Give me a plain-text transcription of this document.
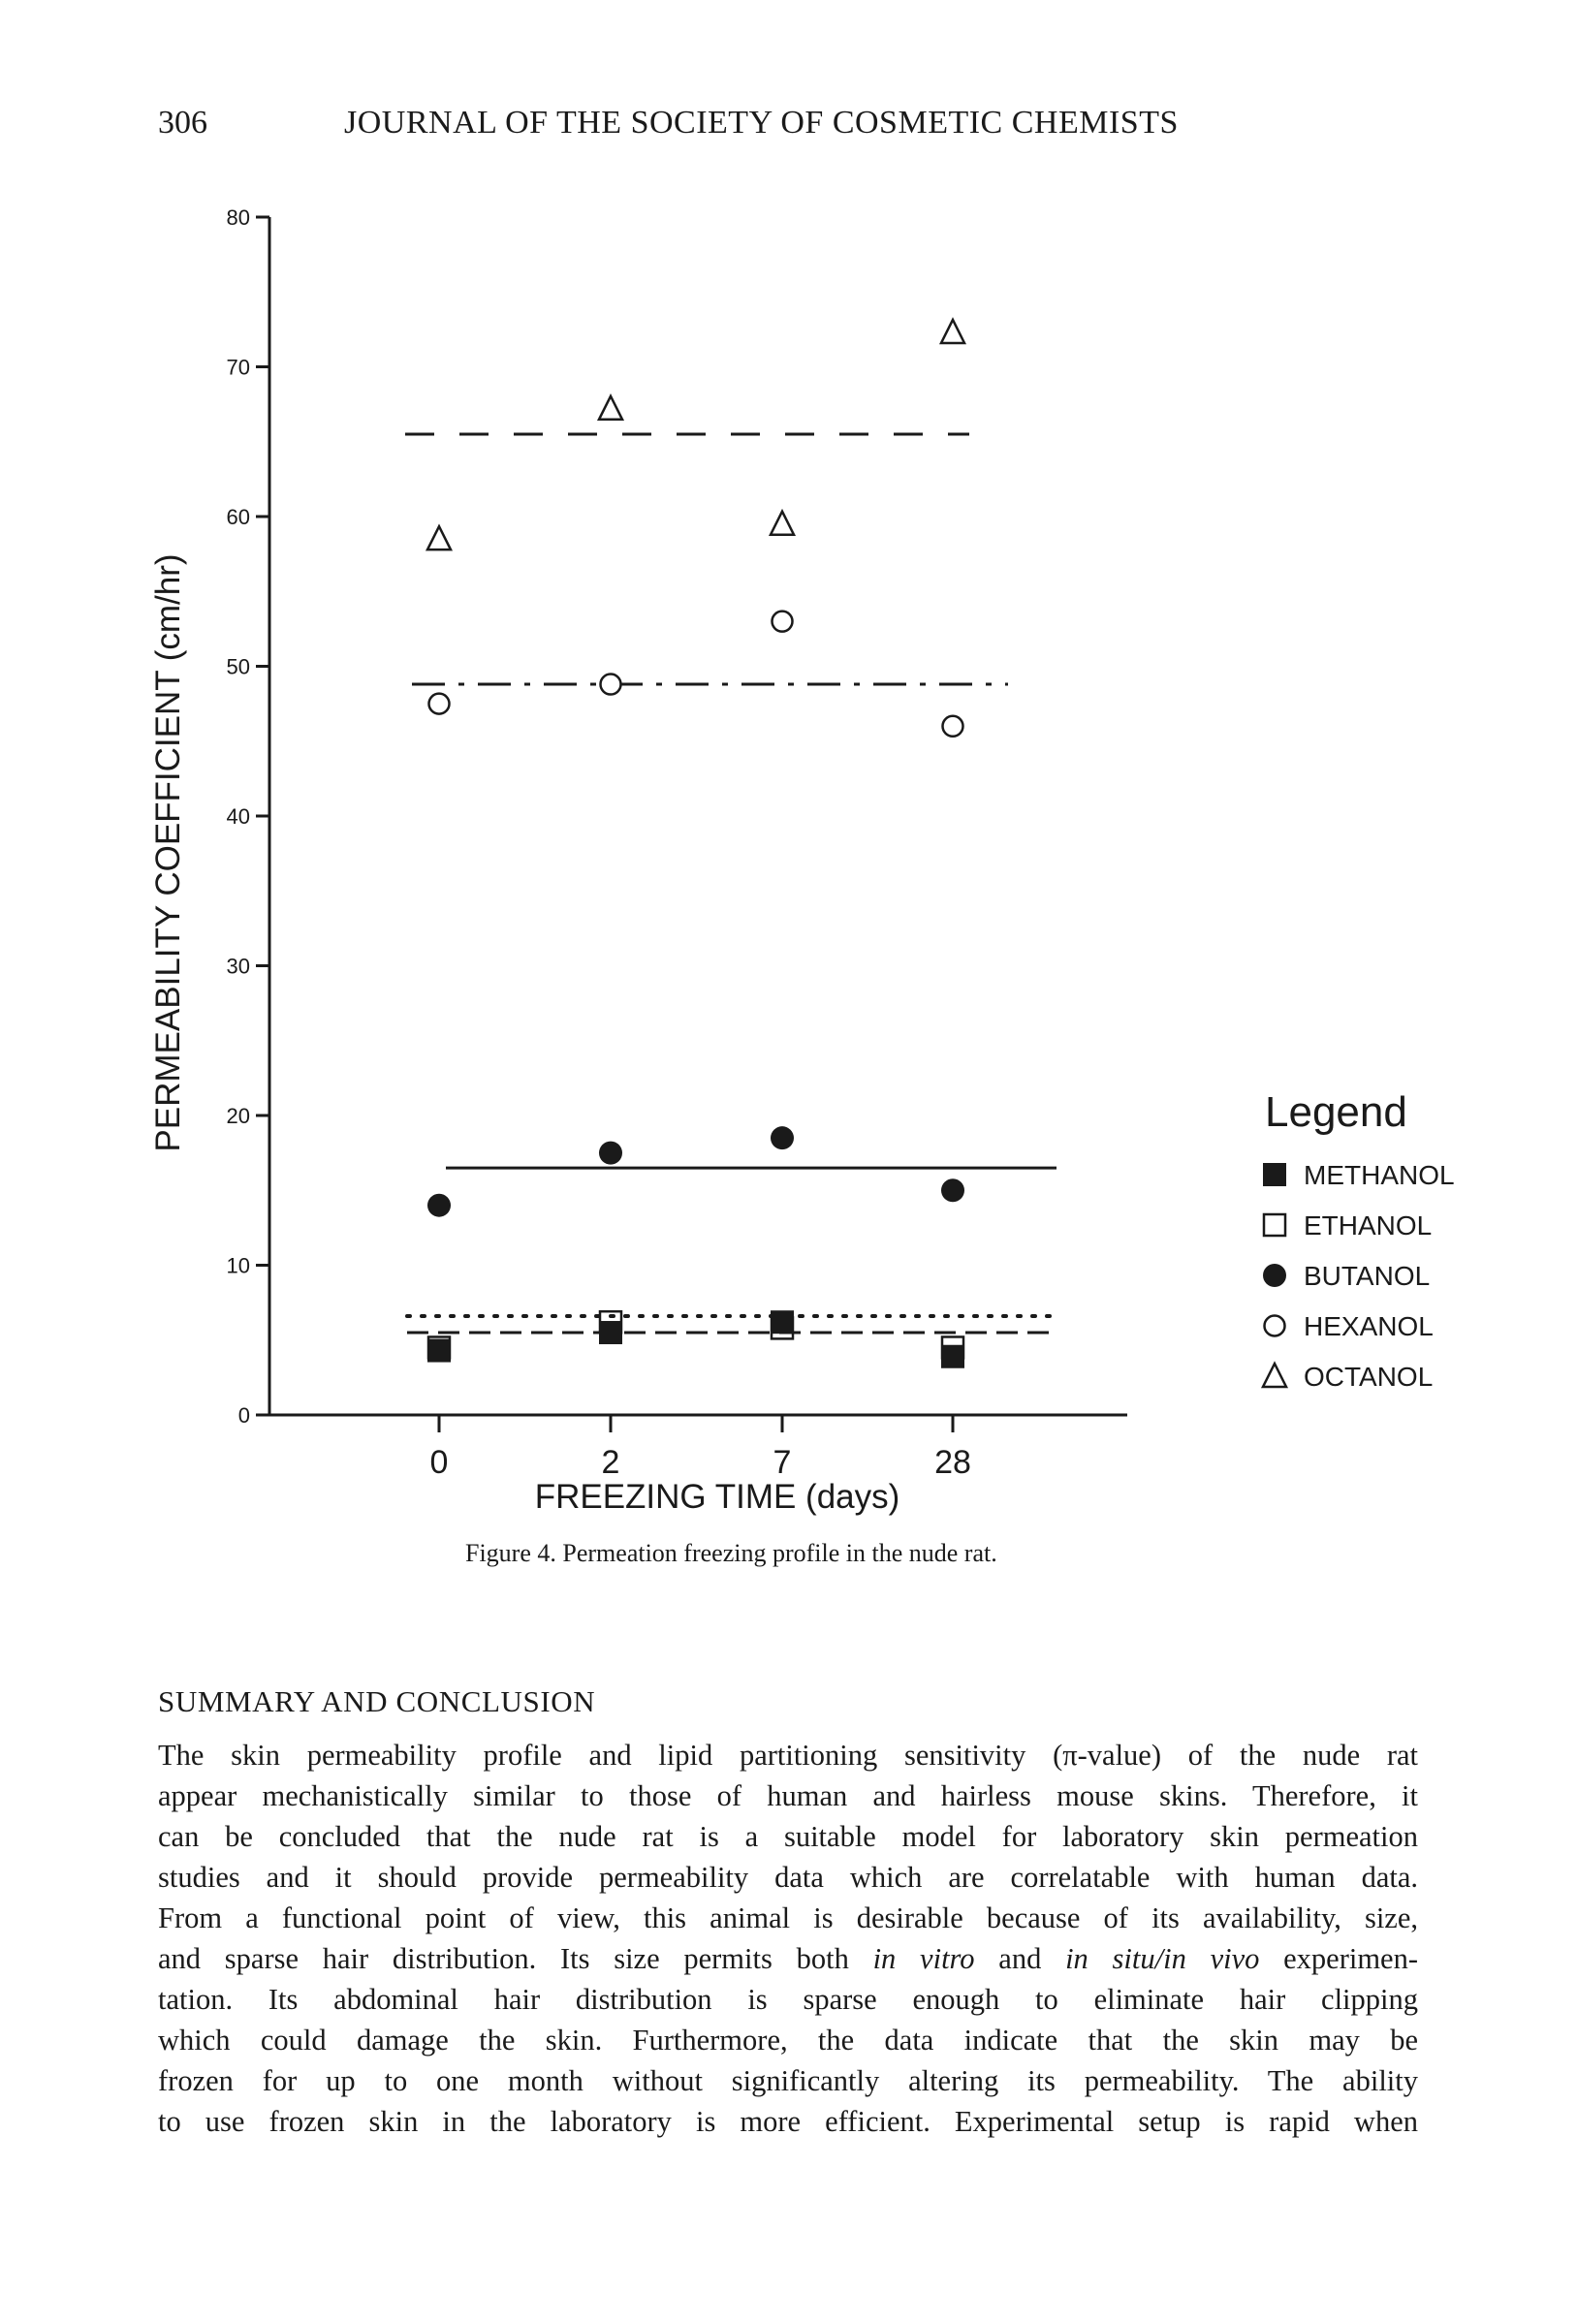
306	JOURNAL OF THE SOCIETY OF COSMETIC CHEMISTS
0
10
20
30
40
50
60
70
80
0	2	7	28
FREEZING TIME (days)
PERMEABILITY COEFFICIENT (cm/hr)	Legend
METHANOL
ETHANOL
BUTANOL
HEXANOL
OCTANOL
Figure 4. Permeation freezing profile in the nude rat.
SUMMARY AND CONCLUSION
The skin permeability profile and lipid partitioning sensitivity (π-value) of the nude rat
appear mechanistically similar to those of human and hairless mouse skins. Therefore, it
can be concluded that the nude rat is a suitable model for laboratory skin permeation
studies and it should provide permeability data which are correlatable with human data.
From a functional point of view, this animal is desirable because of its availability, size,
and sparse hair distribution. Its size permits both in vitro and in situ/in vivo experimen-
tation. Its abdominal hair distribution is sparse enough to eliminate hair clipping
which could damage the skin. Furthermore, the data indicate that the skin may be
frozen for up to one month without significantly altering its permeability. The ability
to use frozen skin in the laboratory is more efficient. Experimental setup is rapid when
